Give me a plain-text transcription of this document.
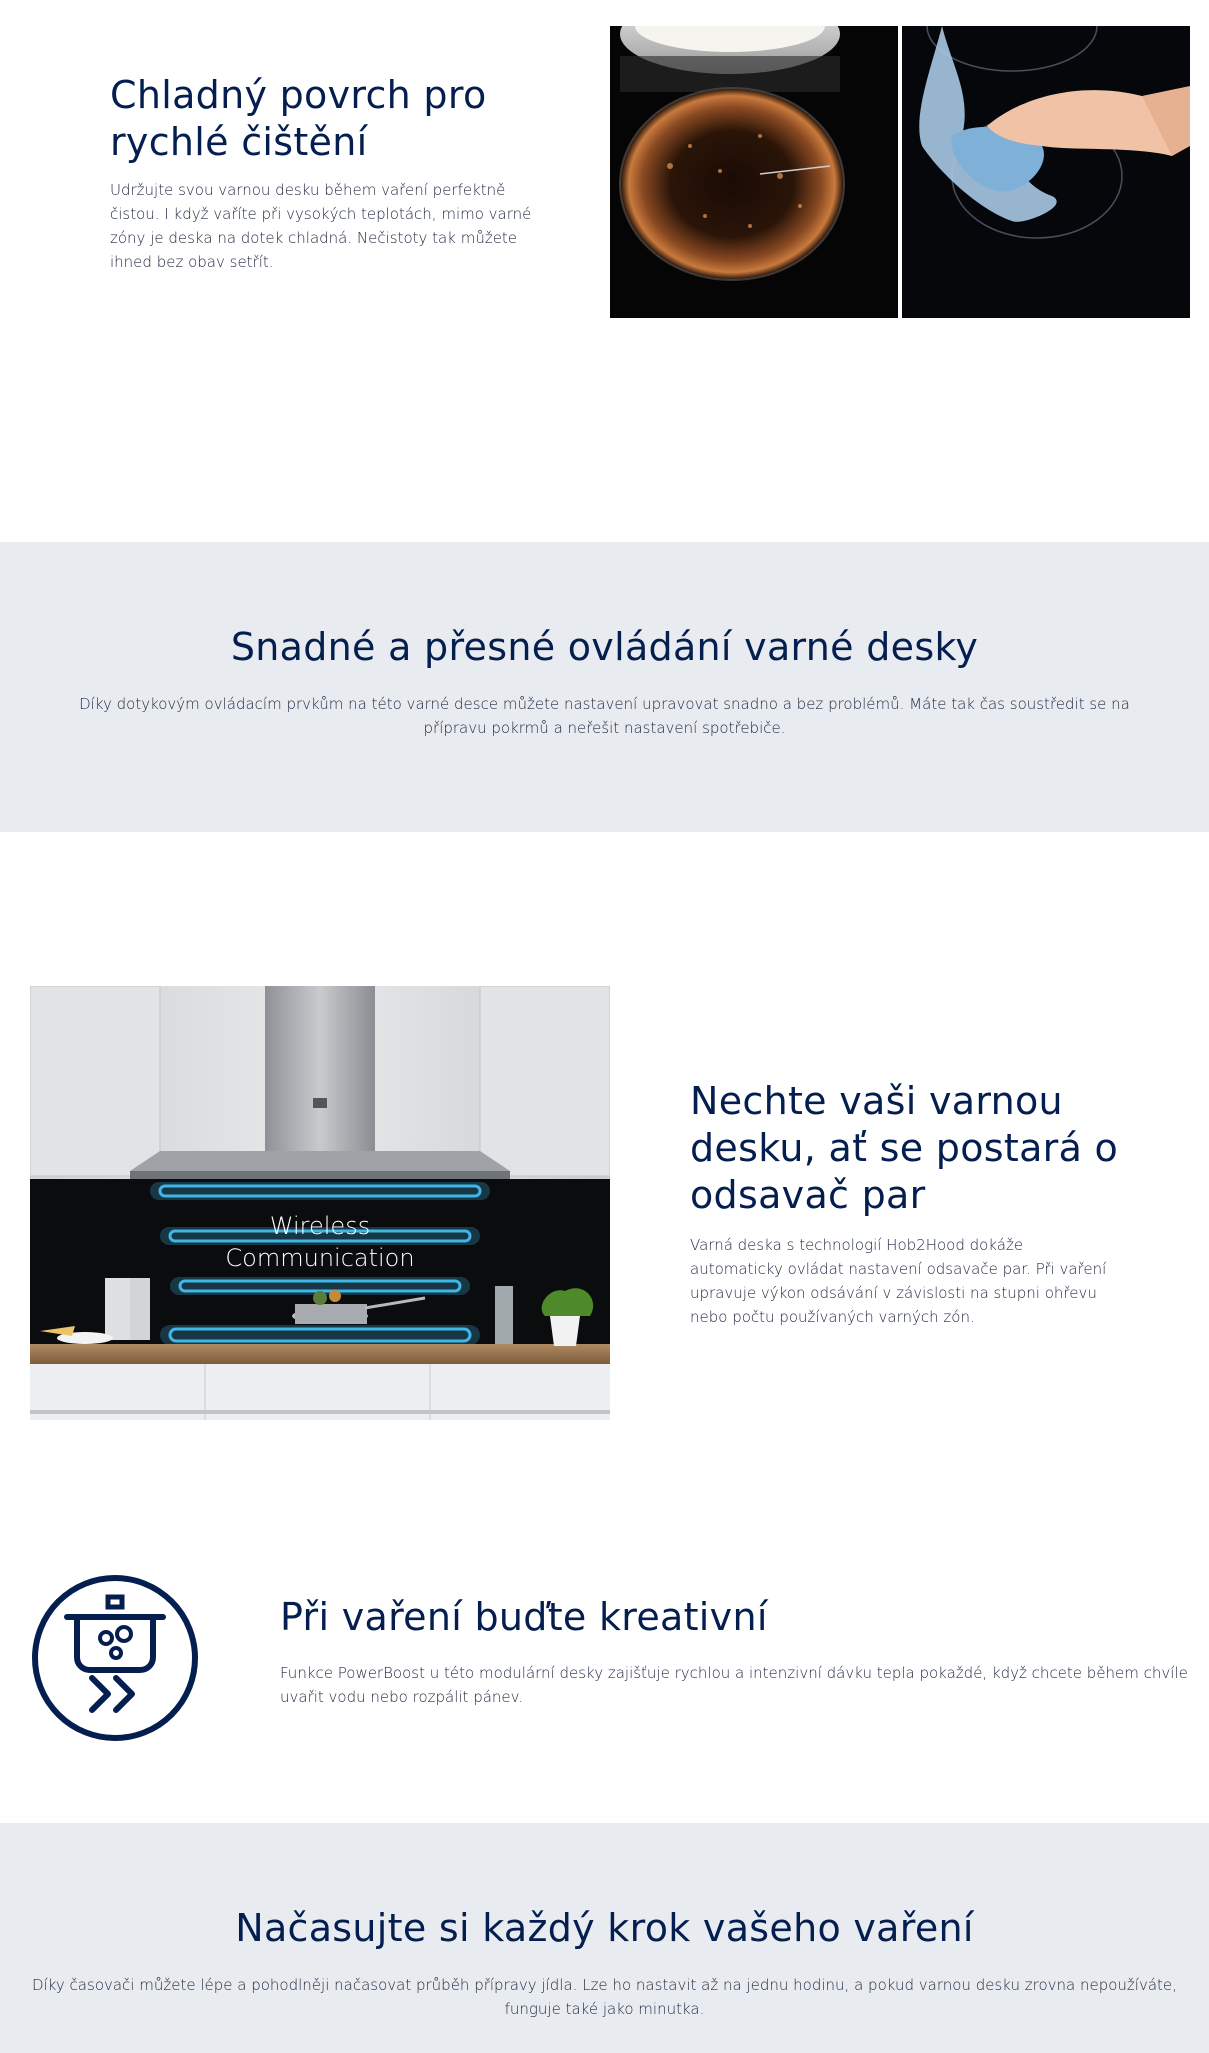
Chladný povrch pro rychlé čištění

Udržujte svou varnou desku během vaření perfektně čistou. I když vaříte při vysokých teplotách, mimo varné zóny je deska na dotek chladná. Nečistoty tak můžete ihned bez obav setřít.

Snadné a přesné ovládání varné desky

Díky dotykovým ovládacím prvkům na této varné desce můžete nastavení upravovat snadno a bez problémů. Máte tak čas soustředit se na přípravu pokrmů a neřešit nastavení spotřebiče.

Wireless
Communication
Nechte vaši varnou desku, ať se postará o odsavač par

Varná deska s technologií Hob2Hood dokáže automaticky ovládat nastavení odsavače par. Při vaření upravuje výkon odsávání v závislosti na stupni ohřevu nebo počtu používaných varných zón.

Při vaření buďte kreativní

Funkce PowerBoost u této modulární desky zajišťuje rychlou a intenzivní dávku tepla pokaždé, když chcete během chvíle uvařit vodu nebo rozpálit pánev.

Načasujte si každý krok vašeho vaření

Díky časovači můžete lépe a pohodlněji načasovat průběh přípravy jídla. Lze ho nastavit až na jednu hodinu, a pokud varnou desku zrovna nepoužíváte, funguje také jako minutka.
